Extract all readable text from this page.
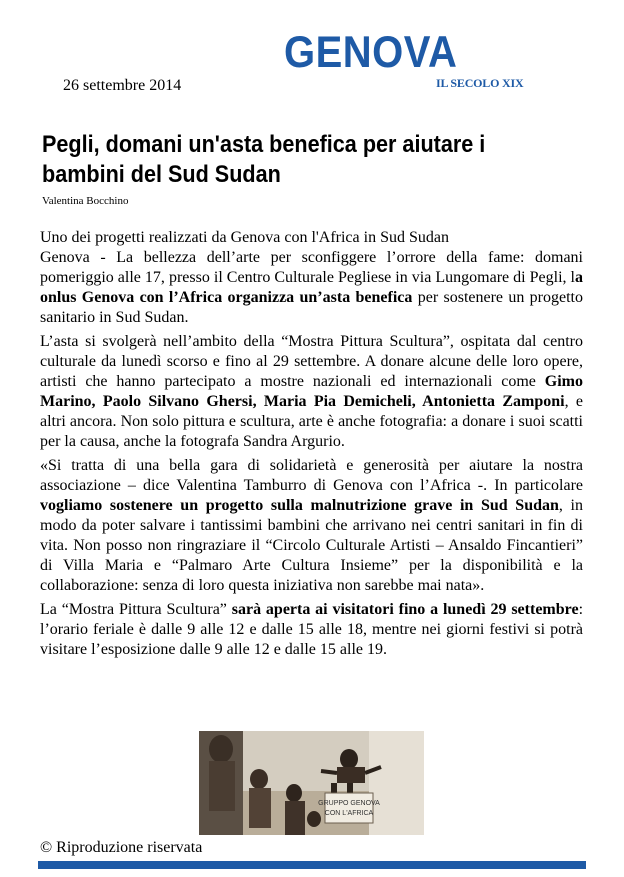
GENOVA
IL SECOLO XIX
26 settembre 2014
Pegli, domani un'asta benefica per aiutare i bambini del Sud Sudan
Valentina Bocchino

Uno dei progetti realizzati da Genova con l'Africa in Sud Sudan

Genova - La bellezza dell’arte per sconfiggere l’orrore della fame: domani pomeriggio alle 17, presso il Centro Culturale Pegliese in via Lungomare di Pegli, la onlus Genova con l’Africa organizza un’asta benefica per sostenere un progetto sanitario in Sud Sudan.

L’asta si svolgerà nell’ambito della “Mostra Pittura Scultura”, ospitata dal centro culturale da lunedì scorso e fino al 29 settembre. A donare alcune delle loro opere, artisti che hanno partecipato a mostre nazionali ed internazionali come Gimo Marino, Paolo Silvano Ghersi, Maria Pia Demicheli, Antonietta Zamponi, e altri ancora. Non solo pittura e scultura, arte è anche fotografia: a donare i suoi scatti per la causa, anche la fotografa Sandra Argurio.

«Si tratta di una bella gara di solidarietà e generosità per aiutare la nostra associazione – dice Valentina Tamburro di Genova con l’Africa -. In particolare vogliamo sostenere un progetto sulla malnutrizione grave in Sud Sudan, in modo da poter salvare i tantissimi bambini che arrivano nei centri sanitari in fin di vita. Non posso non ringraziare il “Circolo Culturale Artisti – Ansaldo Fincantieri” di Villa Maria e “Palmaro Arte Cultura Insieme” per la disponibilità e la collaborazione: senza di loro questa iniziativa non sarebbe mai nata».

La “Mostra Pittura Scultura” sarà aperta ai visitatori fino a lunedì 29 settembre: l’orario feriale è dalle 9 alle 12 e dalle 15 alle 18, mentre nei giorni festivi si potrà visitare l’esposizione dalle 9 alle 12 e dalle 15 alle 19.

GRUPPO GENOVA
CON L'AFRICA
© Riproduzione riservata
